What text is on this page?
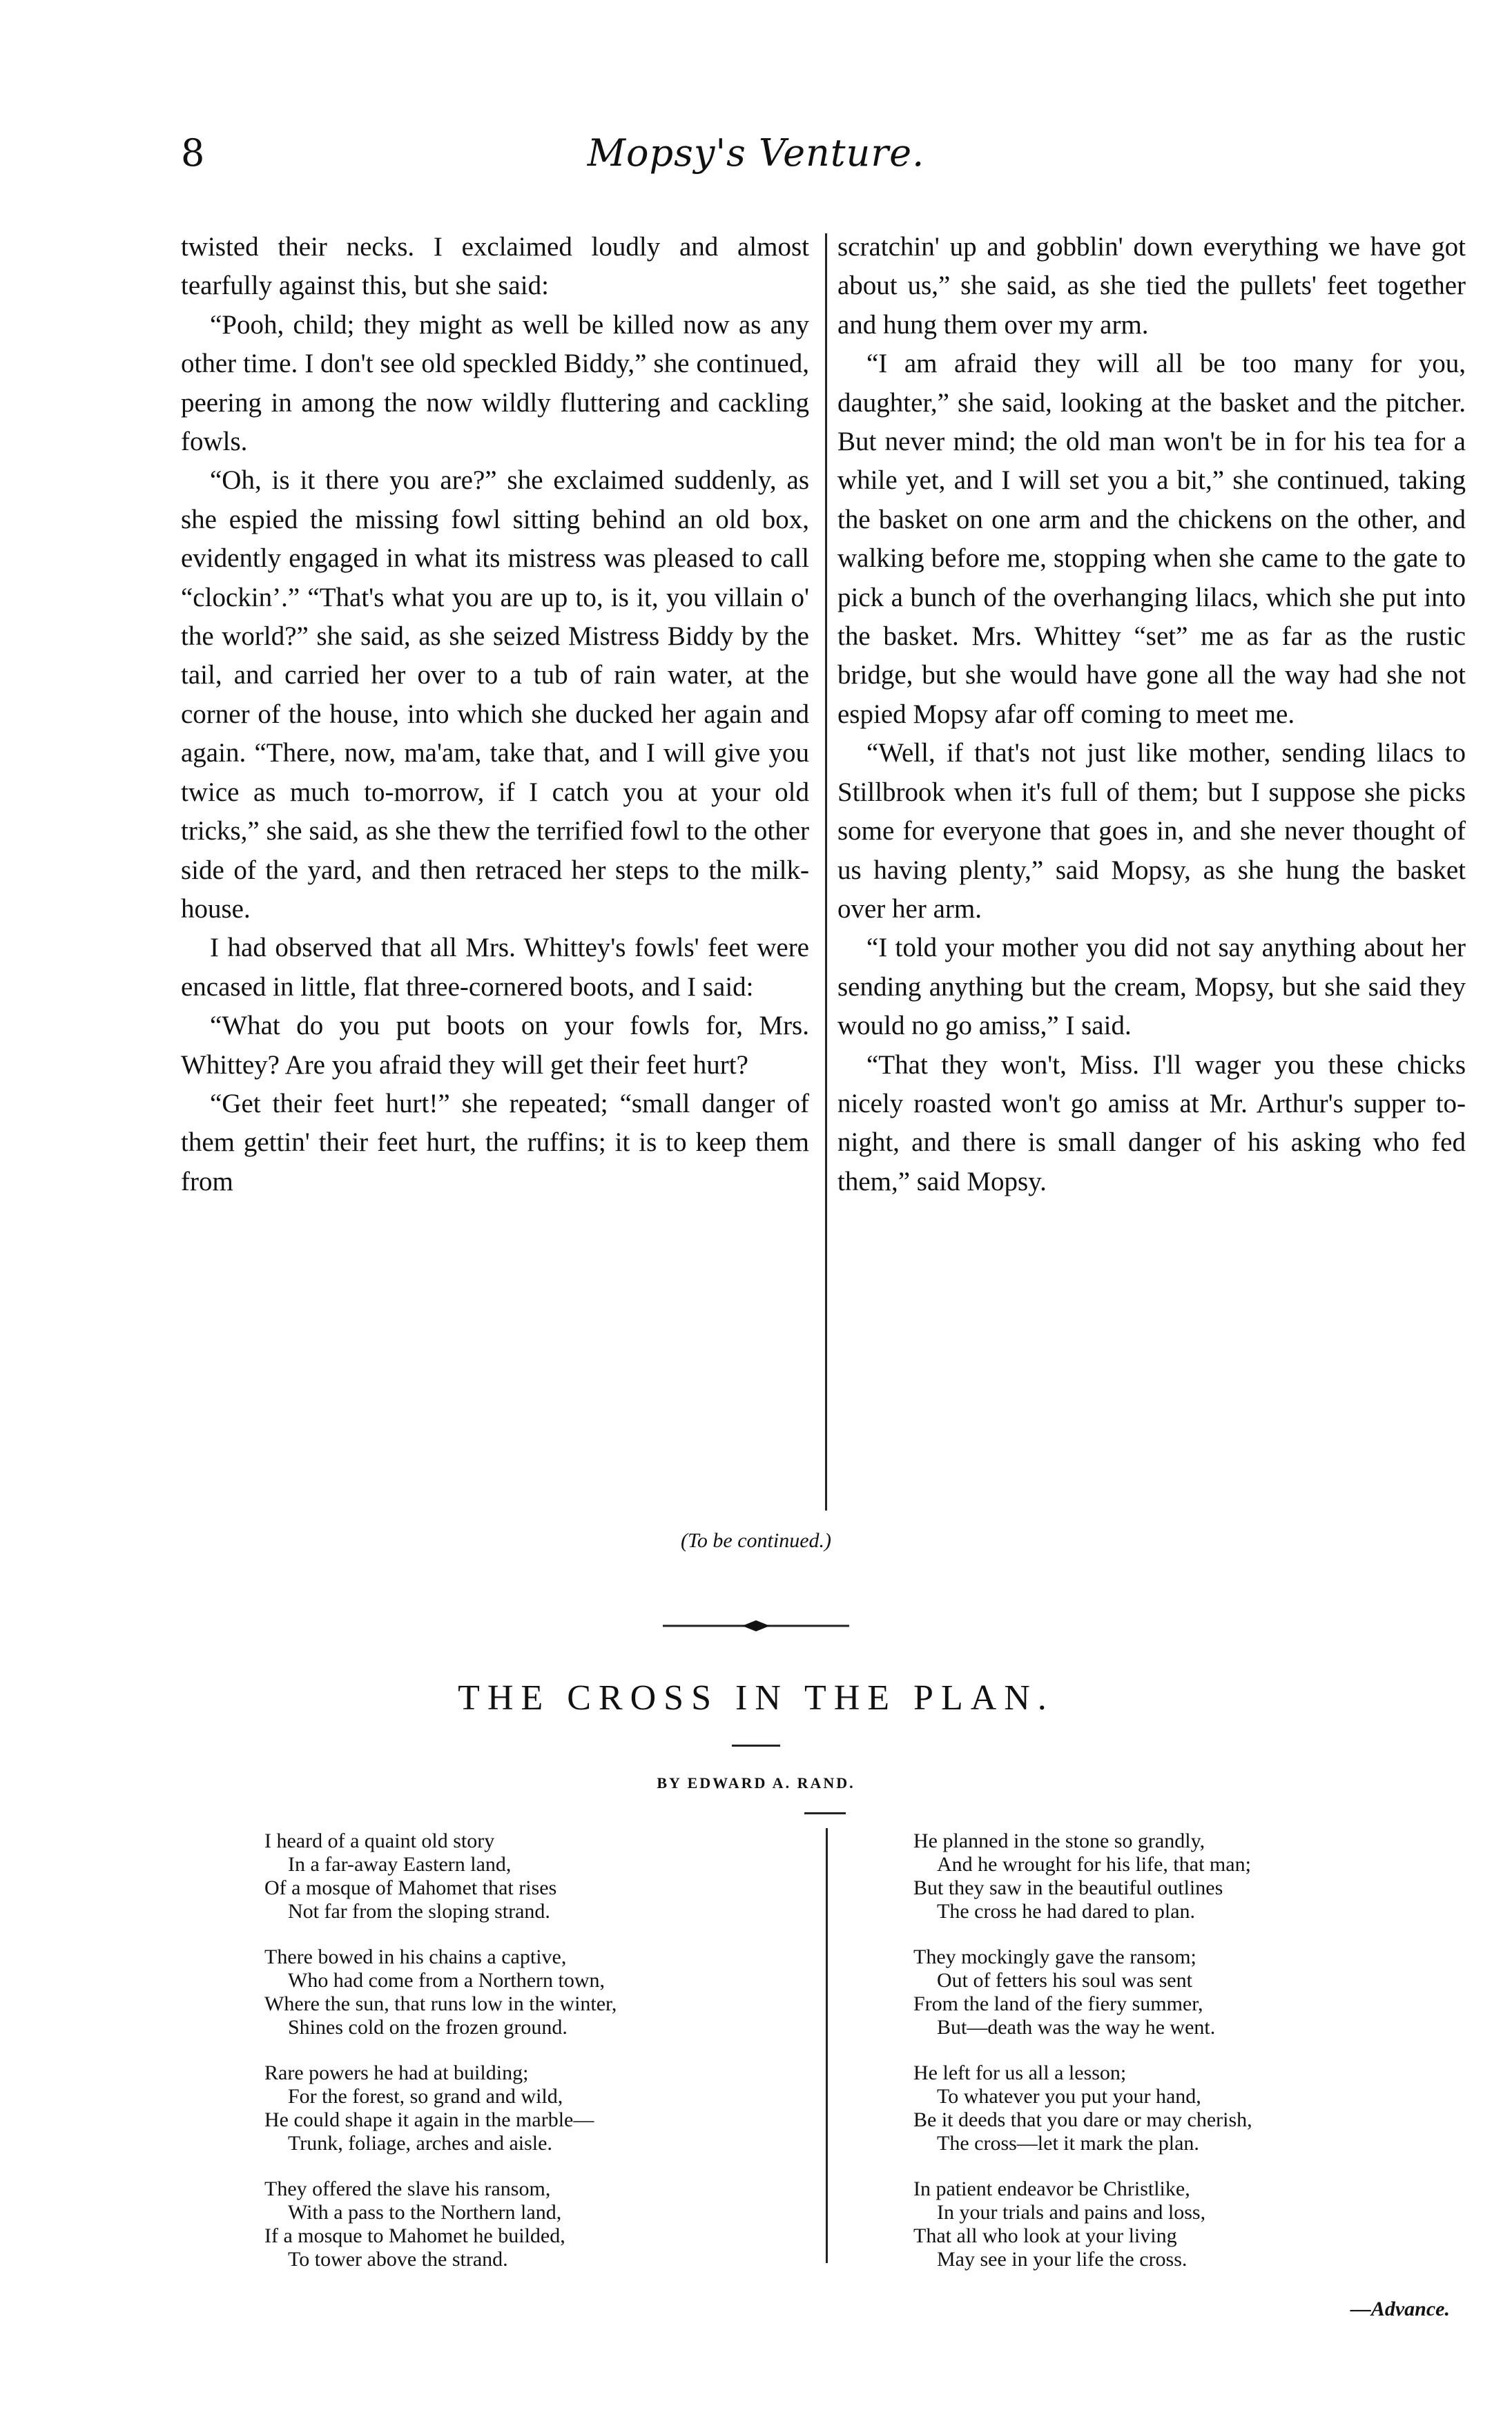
8	Mopsy's Venture.

twisted their necks. I exclaimed loudly and almost tearfully against this, but she said:

“Pooh, child; they might as well be killed now as any other time. I don't see old speckled Biddy,” she continued, peering in among the now wildly fluttering and cackling fowls.

“Oh, is it there you are?” she exclaimed suddenly, as she espied the missing fowl sitting behind an old box, evidently engaged in what its mistress was pleased to call “clockin’.” “That's what you are up to, is it, you villain o' the world?” she said, as she seized Mistress Biddy by the tail, and carried her over to a tub of rain water, at the corner of the house, into which she ducked her again and again. “There, now, ma'am, take that, and I will give you twice as much to-morrow, if I catch you at your old tricks,” she said, as she thew the terrified fowl to the other side of the yard, and then retraced her steps to the milk-house.

I had observed that all Mrs. Whittey's fowls' feet were encased in little, flat three-cornered boots, and I said:

“What do you put boots on your fowls for, Mrs. Whittey? Are you afraid they will get their feet hurt?

“Get their feet hurt!” she repeated; “small danger of them gettin' their feet hurt, the ruffins; it is to keep them from

scratchin' up and gobblin' down everything we have got about us,” she said, as she tied the pullets' feet together and hung them over my arm.

“I am afraid they will all be too many for you, daughter,” she said, looking at the basket and the pitcher. But never mind; the old man won't be in for his tea for a while yet, and I will set you a bit,” she continued, taking the basket on one arm and the chickens on the other, and walking before me, stopping when she came to the gate to pick a bunch of the overhanging lilacs, which she put into the basket. Mrs. Whittey “set” me as far as the rustic bridge, but she would have gone all the way had she not espied Mopsy afar off coming to meet me.

“Well, if that's not just like mother, sending lilacs to Stillbrook when it's full of them; but I suppose she picks some for everyone that goes in, and she never thought of us having plenty,” said Mopsy, as she hung the basket over her arm.

“I told your mother you did not say anything about her sending anything but the cream, Mopsy, but she said they would no go amiss,” I said.

“That they won't, Miss. I'll wager you these chicks nicely roasted won't go amiss at Mr. Arthur's supper to-night, and there is small danger of his asking who fed them,” said Mopsy.

(To be continued.)
THE CROSS IN THE PLAN.
BY EDWARD A. RAND.
I heard of a quaint old story
In a far-away Eastern land,
Of a mosque of Mahomet that rises
Not far from the sloping strand.
There bowed in his chains a captive,
Who had come from a Northern town,
Where the sun, that runs low in the winter,
Shines cold on the frozen ground.
Rare powers he had at building;
For the forest, so grand and wild,
He could shape it again in the marble—
Trunk, foliage, arches and aisle.
They offered the slave his ransom,
With a pass to the Northern land,
If a mosque to Mahomet he builded,
To tower above the strand.
He planned in the stone so grandly,
And he wrought for his life, that man;
But they saw in the beautiful outlines
The cross he had dared to plan.
They mockingly gave the ransom;
Out of fetters his soul was sent
From the land of the fiery summer,
But—death was the way he went.
He left for us all a lesson;
To whatever you put your hand,
Be it deeds that you dare or may cherish,
The cross—let it mark the plan.
In patient endeavor be Christlike,
In your trials and pains and loss,
That all who look at your living
May see in your life the cross.
—Advance.
